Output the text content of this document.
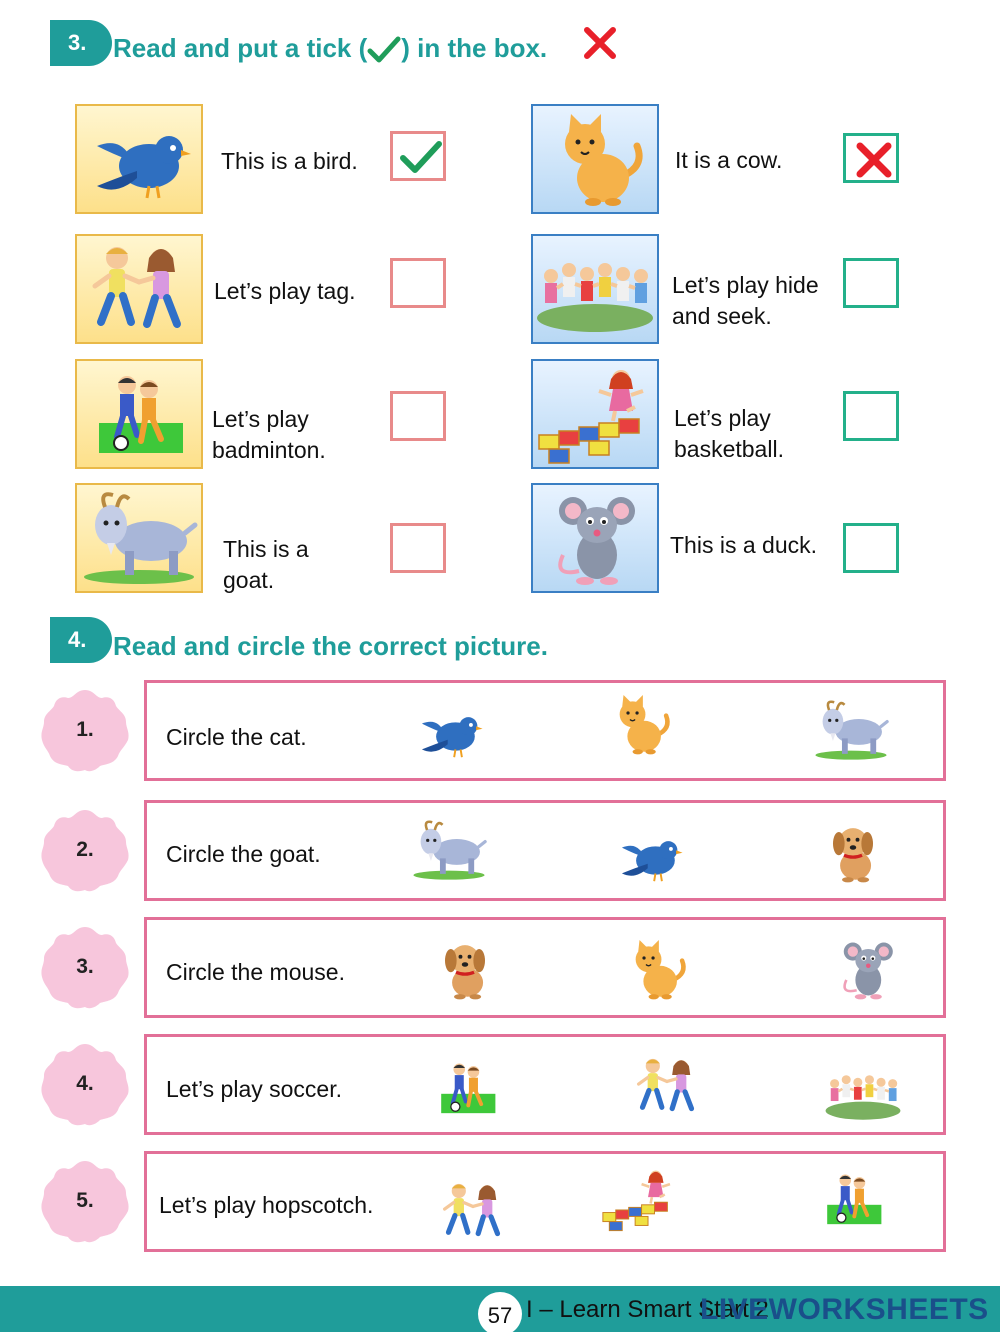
3.	Read and put a tick ( ) in the box.
This is a bird.
Let’s play tag.
Let’s play badminton.
This is a goat.
It is a cow.
Let’s play hide and seek.
Let’s play basketball.
This is a duck.
4.	Read and circle the correct picture.
1.	Circle the cat.
2.	Circle the goat.
3.	Circle the mouse.
4.	Let’s play soccer.
5.	Let’s play hopscotch.
I – Learn Smart Start 2
57	LIVEWORKSHEETS
